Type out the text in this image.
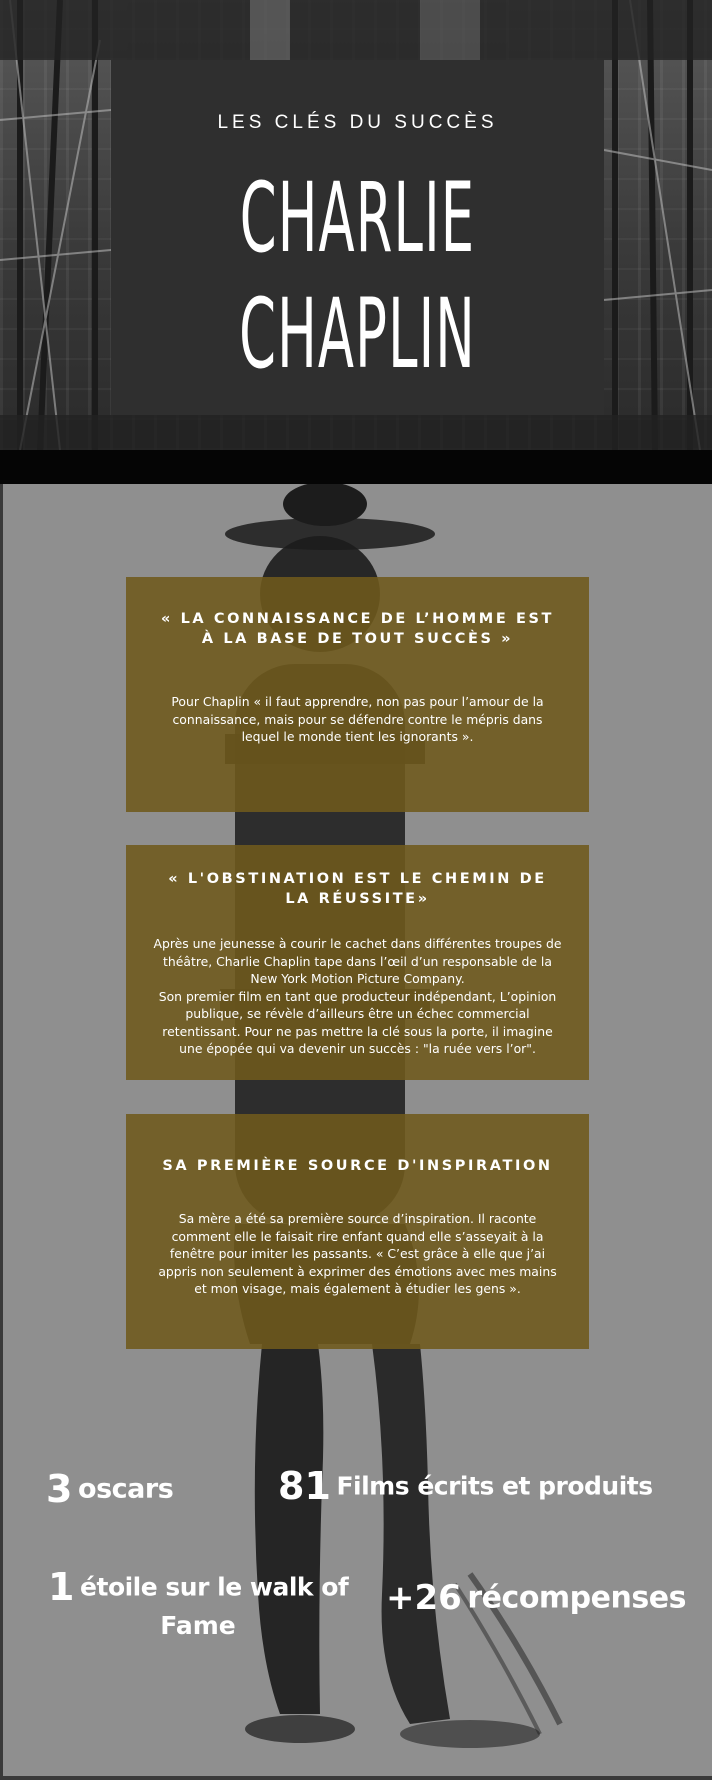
LES CLÉS DU SUCCÈS
CHARLIE
CHAPLIN
« LA CONNAISSANCE DE L’HOMME EST À LA BASE DE TOUT SUCCÈS »

Pour Chaplin « il faut apprendre, non pas pour l’amour de la connaissance, mais pour se défendre contre le mépris dans lequel le monde tient les ignorants ».

« L'OBSTINATION EST LE CHEMIN DE LA RÉUSSITE»

Après une jeunesse à courir le cachet dans différentes troupes de théâtre, Charlie Chaplin tape dans l’œil d’un responsable de la New York Motion Picture Company.
Son premier film en tant que producteur indépendant, L’opinion publique, se révèle d’ailleurs être un échec commercial retentissant. Pour ne pas mettre la clé sous la porte, il imagine une épopée qui va devenir un succès : "la ruée vers l’or".

SA PREMIÈRE SOURCE D'INSPIRATION

Sa mère a été sa première source d’inspiration. Il raconte comment elle le faisait rire enfant quand elle s’asseyait à la fenêtre pour imiter les passants. « C’est grâce à elle que j’ai appris non seulement à exprimer des émotions avec mes mains et mon visage, mais également à étudier les gens ».

3 oscars	81 Films écrits et produits
1 étoile sur le walk of
Fame
+26 récompenses
